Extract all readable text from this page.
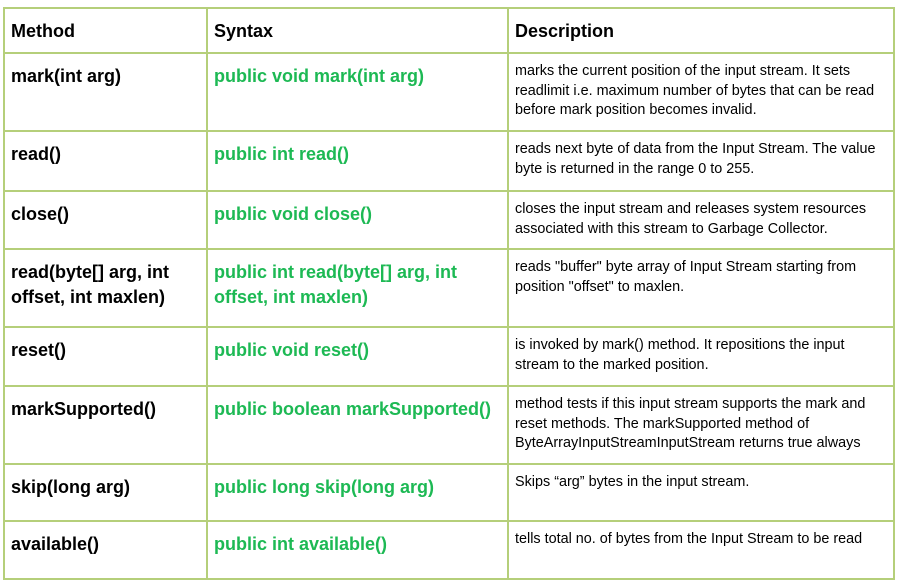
Method	Syntax	Description
mark(int arg)	public void mark(int arg)	marks the current position of the input stream. It sets readlimit i.e. maximum number of bytes that can be read before mark position becomes invalid.
read()	public int read()	reads next byte of data from the Input Stream. The value byte is returned in the range 0 to 255.
close()	public void close()	closes the input stream and releases system resources associated with this stream to Garbage Collector.
read(byte[] arg, int offset, int maxlen)	public int read(byte[] arg, int offset, int maxlen)	reads "buffer" byte array of Input Stream starting from position "offset" to maxlen.
reset()	public void reset()	is invoked by mark() method. It repositions the input stream to the marked position.
markSupported()	public boolean markSupported()	method tests if this input stream supports the mark and reset methods. The markSupported method of ByteArrayInputStreamInputStream returns true always
skip(long arg)	public long skip(long arg)	Skips “arg” bytes in the input stream.
available()	public int available()	tells total no. of bytes from the Input Stream to be read
